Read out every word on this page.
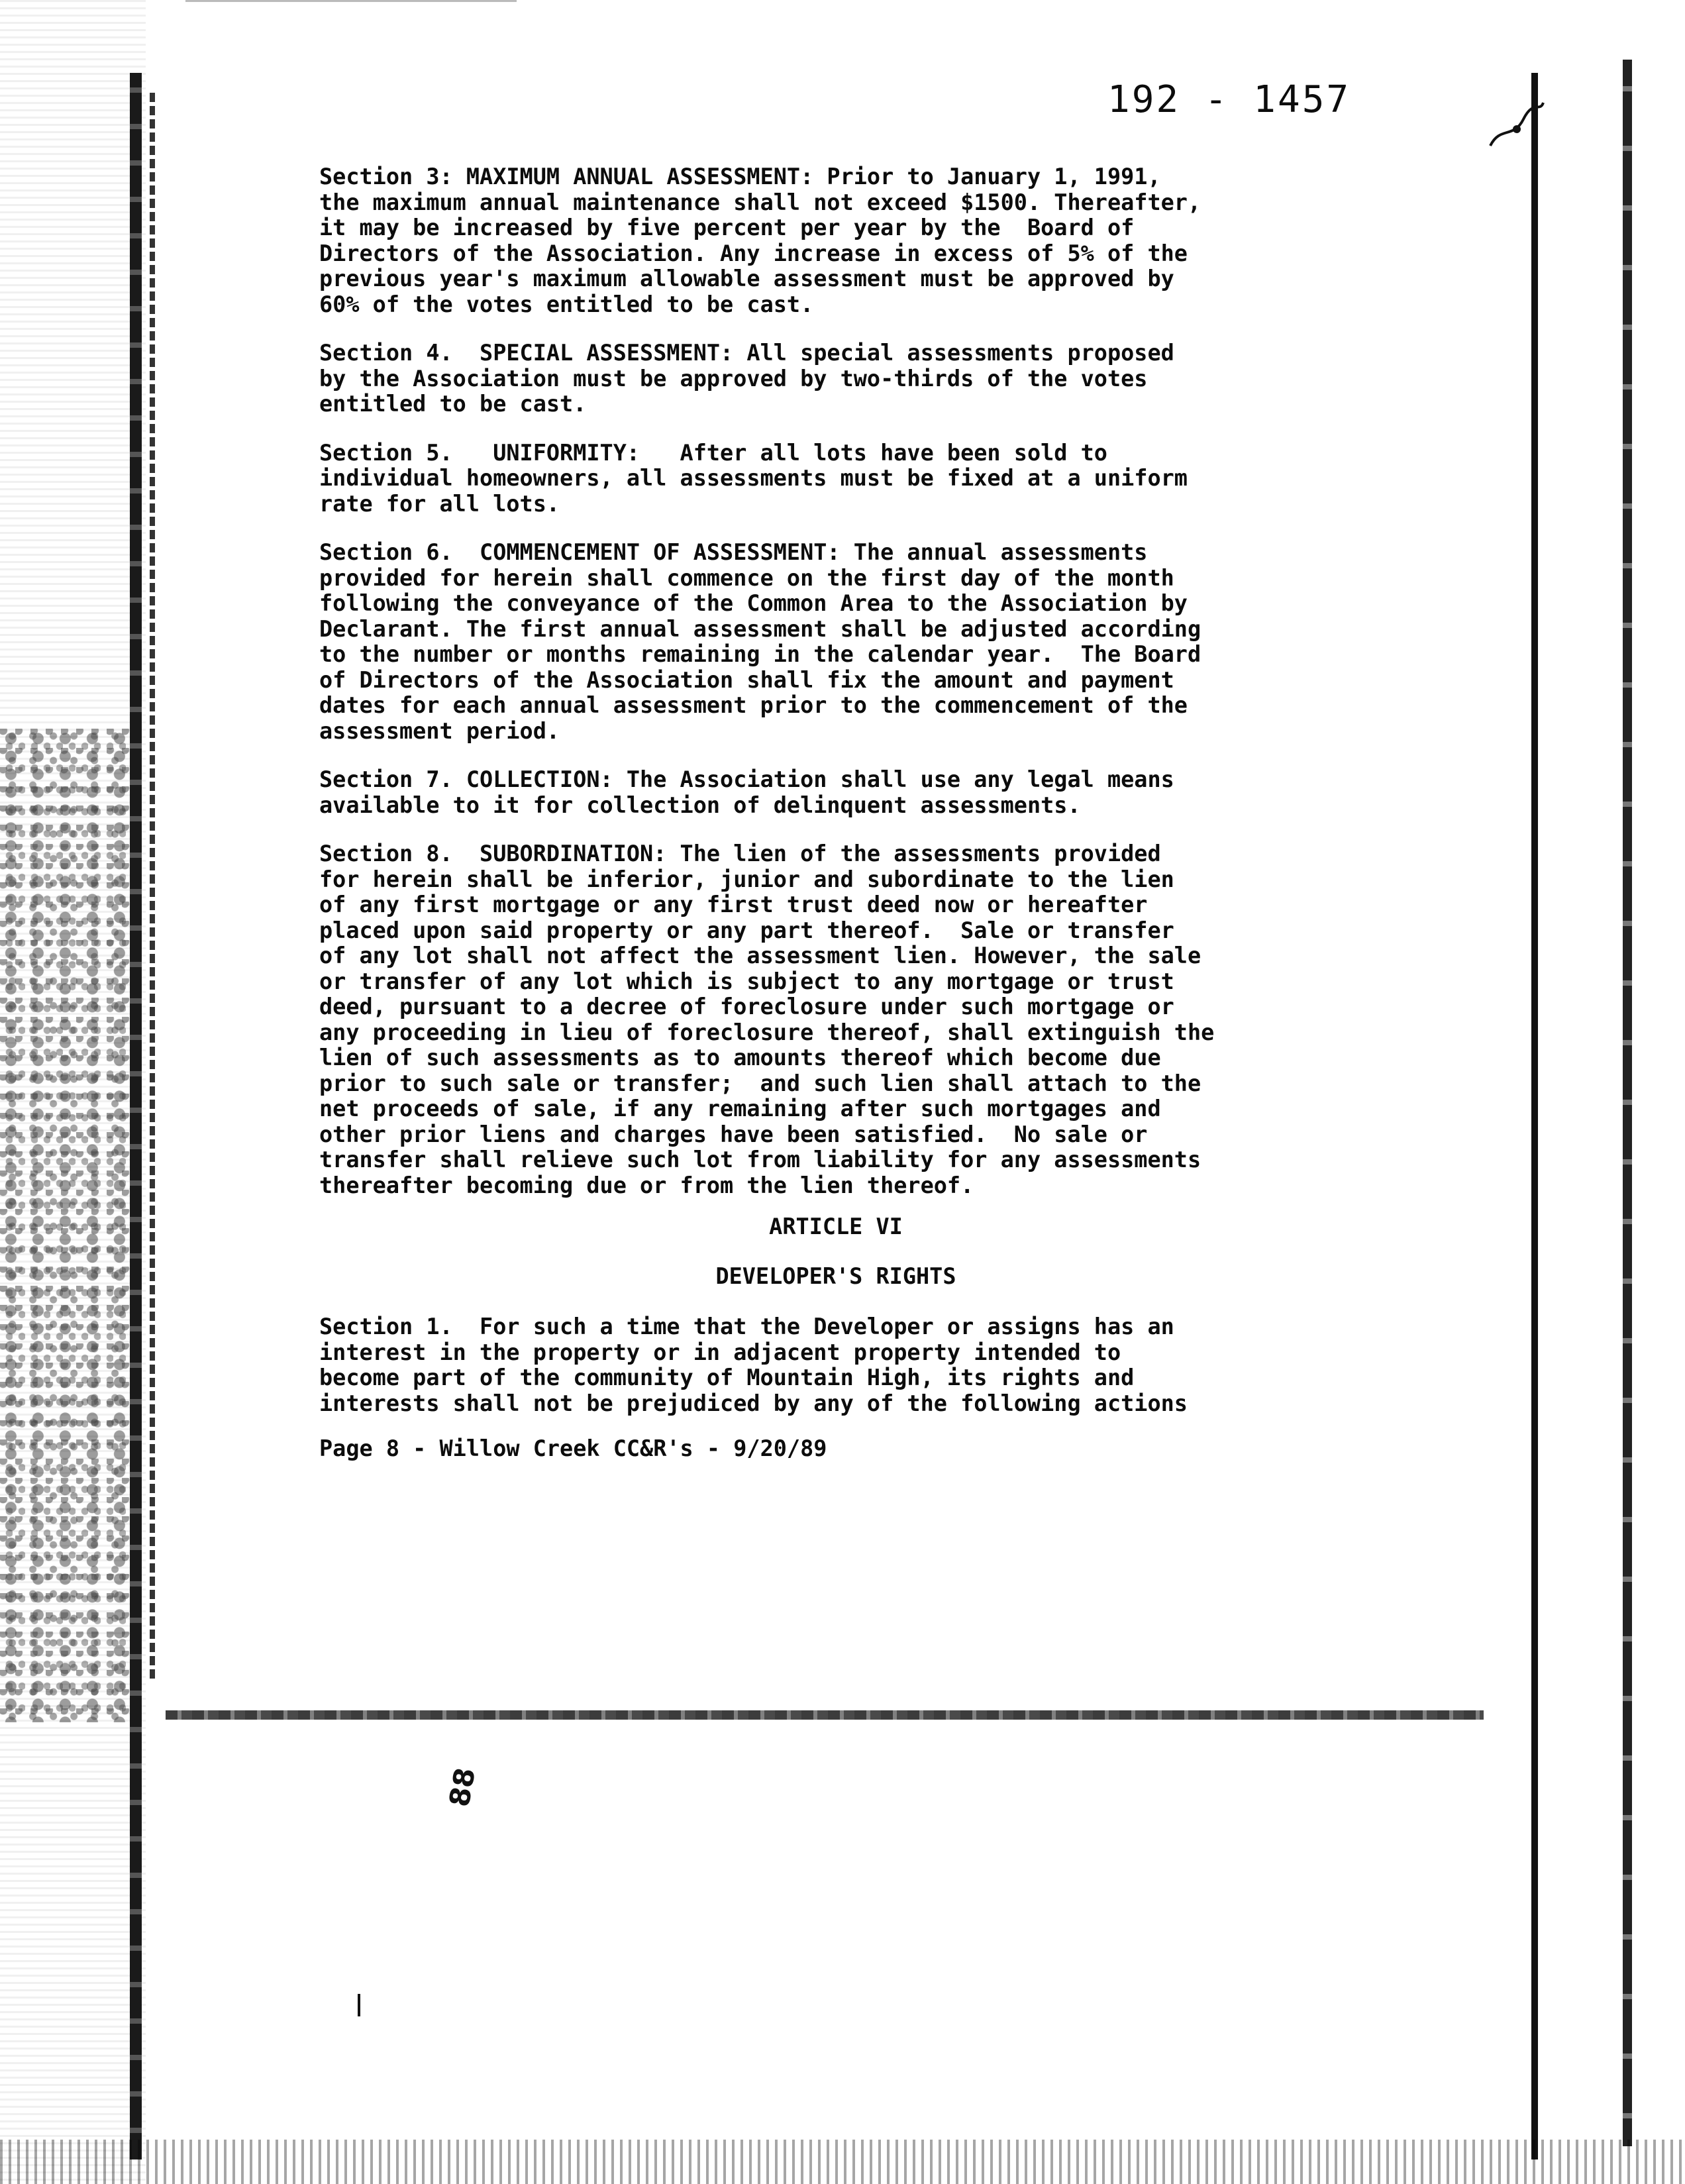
192 - 1457

Section 3: MAXIMUM ANNUAL ASSESSMENT: Prior to January 1, 1991,

the maximum annual maintenance shall not exceed $1500. Thereafter,

it may be increased by five percent per year by the  Board of

Directors of the Association. Any increase in excess of 5% of the

previous year's maximum allowable assessment must be approved by

60% of the votes entitled to be cast.

Section 4.  SPECIAL ASSESSMENT: All special assessments proposed

by the Association must be approved by two-thirds of the votes

entitled to be cast.

Section 5.   UNIFORMITY:   After all lots have been sold to

individual homeowners, all assessments must be fixed at a uniform

rate for all lots.

Section 6.  COMMENCEMENT OF ASSESSMENT: The annual assessments

provided for herein shall commence on the first day of the month

following the conveyance of the Common Area to the Association by

Declarant. The first annual assessment shall be adjusted according

to the number or months remaining in the calendar year.  The Board

of Directors of the Association shall fix the amount and payment

dates for each annual assessment prior to the commencement of the

assessment period.

Section 7. COLLECTION: The Association shall use any legal means

available to it for collection of delinquent assessments.

Section 8.  SUBORDINATION: The lien of the assessments provided

for herein shall be inferior, junior and subordinate to the lien

of any first mortgage or any first trust deed now or hereafter

placed upon said property or any part thereof.  Sale or transfer

of any lot shall not affect the assessment lien. However, the sale

or transfer of any lot which is subject to any mortgage or trust

deed, pursuant to a decree of foreclosure under such mortgage or

any proceeding in lieu of foreclosure thereof, shall extinguish the

lien of such assessments as to amounts thereof which become due

prior to such sale or transfer;  and such lien shall attach to the

net proceeds of sale, if any remaining after such mortgages and

other prior liens and charges have been satisfied.  No sale or

transfer shall relieve such lot from liability for any assessments

thereafter becoming due or from the lien thereof.

ARTICLE VI

DEVELOPER'S RIGHTS

Section 1.  For such a time that the Developer or assigns has an

interest in the property or in adjacent property intended to

become part of the community of Mountain High, its rights and

interests shall not be prejudiced by any of the following actions

Page 8 - Willow Creek CC&R's - 9/20/89

88
